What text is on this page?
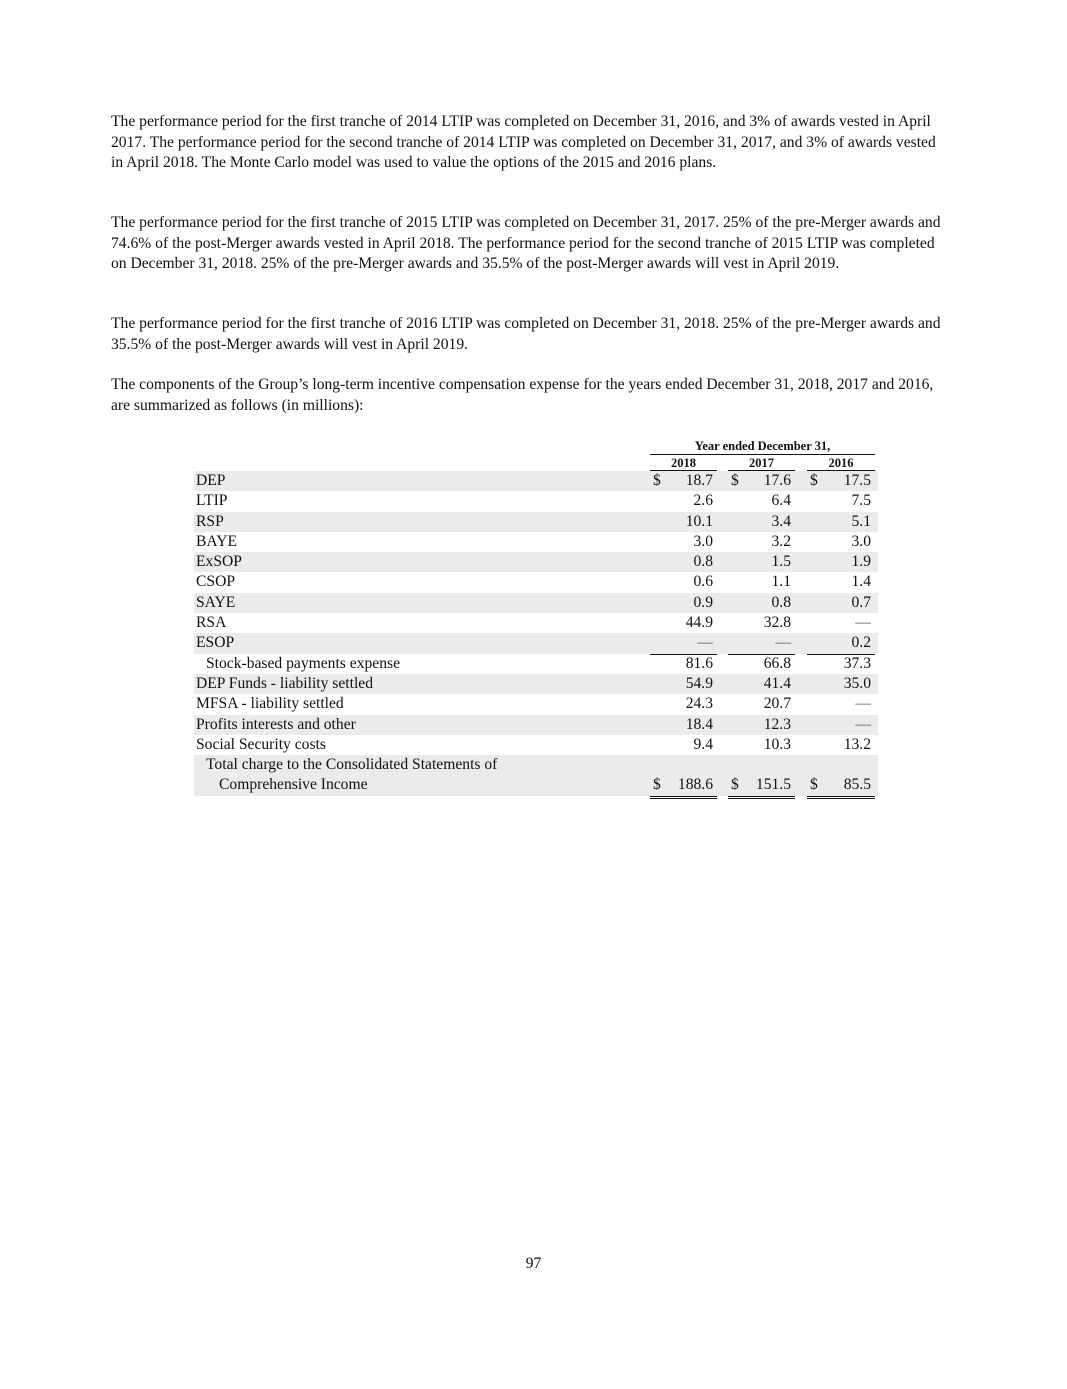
The performance period for the first tranche of 2014 LTIP was completed on December 31, 2016, and 3% of awards vested in April 2017. The performance period for the second tranche of 2014 LTIP was completed on December 31, 2017, and 3% of awards vested in April 2018. The Monte Carlo model was used to value the options of the 2015 and 2016 plans.

The performance period for the first tranche of 2015 LTIP was completed on December 31, 2017. 25% of the pre-Merger awards and 74.6% of the post-Merger awards vested in April 2018. The performance period for the second tranche of 2015 LTIP was completed on December 31, 2018. 25% of the pre-Merger awards and 35.5% of the post-Merger awards will vest in April 2019.

The performance period for the first tranche of 2016 LTIP was completed on December 31, 2018. 25% of the pre-Merger awards and 35.5% of the post-Merger awards will vest in April 2019.

The components of the Group’s long-term incentive compensation expense for the years ended December 31, 2018, 2017 and 2016, are summarized as follows (in millions):

Year ended December 31,
2018	2017	2016
DEP	$ 18.7 $ 17.6 $ 17.5
LTIP	2.6	6.4	7.5
RSP	10.1	3.4	5.1
BAYE	3.0	3.2	3.0
ExSOP	0.8	1.5	1.9
CSOP	0.6	1.1	1.4
SAYE	0.9	0.8	0.7
RSA	44.9	32.8	—
ESOP	—	—	0.2
Stock-based payments expense	81.6	66.8	37.3
DEP Funds - liability settled	54.9	41.4	35.0
MFSA - liability settled	24.3	20.7	—
Profits interests and other	18.4	12.3	—
Social Security costs	9.4	10.3	13.2
Total charge to the Consolidated Statements of
Comprehensive Income	$ 188.6 $ 151.5 $ 85.5
97
